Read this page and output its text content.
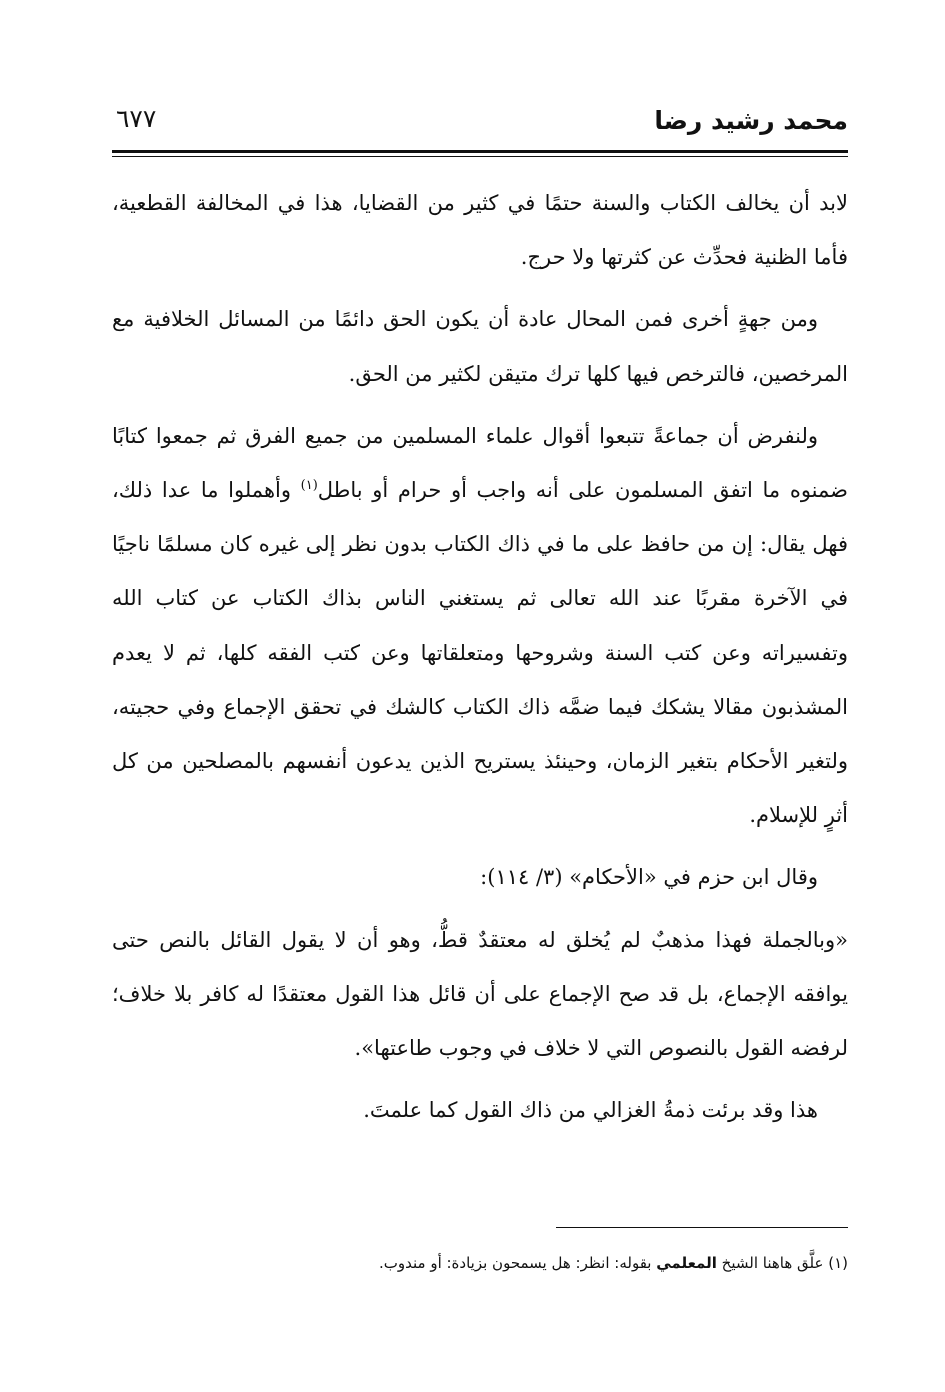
محمد رشيد رضا
٦٧٧

لابد أن يخالف الكتاب والسنة حتمًا في كثير من القضايا، هذا في المخالفة القطعية، فأما الظنية فحدِّث عن كثرتها ولا حرج.

ومن جهةٍ أخرى فمن المحال عادة أن يكون الحق دائمًا من المسائل الخلافية مع المرخصين، فالترخص فيها كلها ترك متيقن لكثير من الحق.

ولنفرض أن جماعةً تتبعوا أقوال علماء المسلمين من جميع الفرق ثم جمعوا كتابًا ضمنوه ما اتفق المسلمون على أنه واجب أو حرام أو باطل$^{(١)}$ وأهملوا ما عدا ذلك، فهل يقال: إن من حافظ على ما في ذاك الكتاب بدون نظر إلى غيره كان مسلمًا ناجيًا في الآخرة مقربًا عند الله تعالى ثم يستغني الناس بذاك الكتاب عن كتاب الله وتفسيراته وعن كتب السنة وشروحها ومتعلقاتها وعن كتب الفقه كلها، ثم لا يعدم المشذبون مقالا يشكك فيما ضمَّه ذاك الكتاب كالشك في تحقق الإجماع وفي حجيته، ولتغير الأحكام بتغير الزمان، وحينئذ يستريح الذين يدعون أنفسهم بالمصلحين من كل أثرٍ للإسلام.

وقال ابن حزم في «الأحكام» (٣/ ١١٤):

«وبالجملة فهذا مذهبٌ لم يُخلق له معتقدٌ قطُّ، وهو أن لا يقول القائل بالنص حتى يوافقه الإجماع، بل قد صح الإجماع على أن قائل هذا القول معتقدًا له كافر بلا خلاف؛ لرفضه القول بالنصوص التي لا خلاف في وجوب طاعتها».

هذا وقد برئت ذمةُ الغزالي من ذاك القول كما علمتَ.

(١) علَّق هاهنا الشيخ المعلمي بقوله: انظر: هل يسمحون بزيادة: أو مندوب.
